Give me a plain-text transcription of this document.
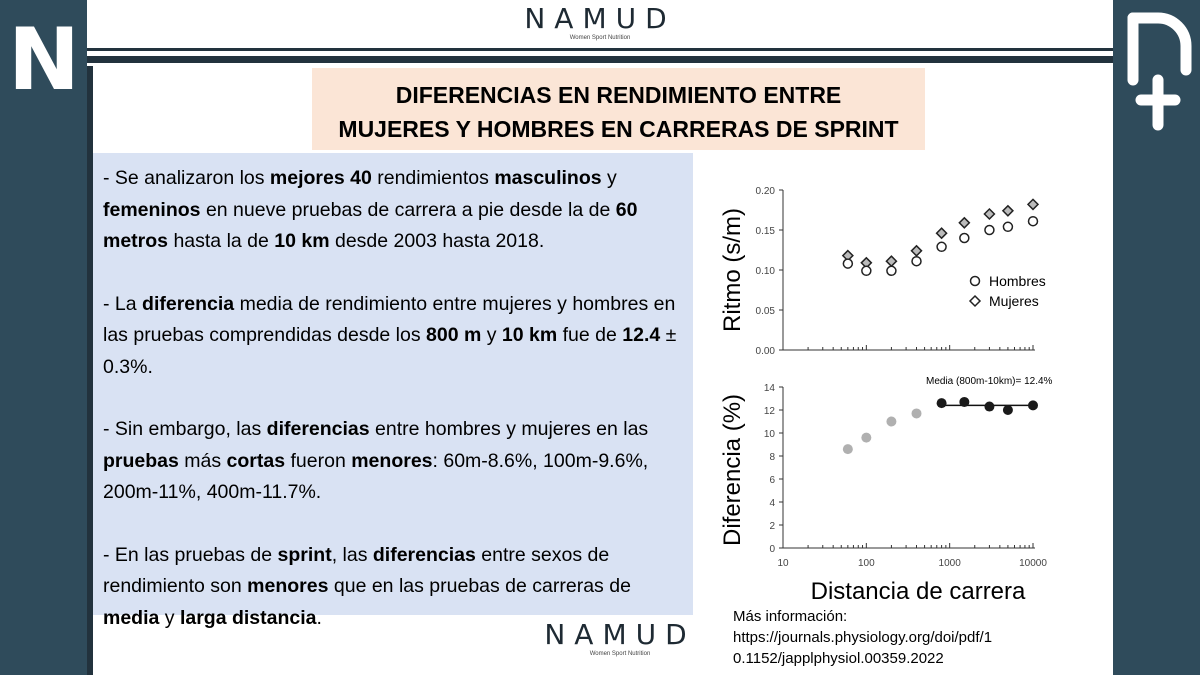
N	NAMUD
Women Sport Nutrition
DIFERENCIAS EN RENDIMIENTO ENTRE
MUJERES Y HOMBRES EN CARRERAS DE SPRINT

- Se analizaron los mejores 40 rendimientos masculinos y femeninos en nueve pruebas de carrera a pie desde la de 60 metros hasta la de 10 km desde 2003 hasta 2018.

- La diferencia media de rendimiento entre mujeres y hombres en las pruebas comprendidas desde los 800 m y 10 km fue de 12.4 ± 0.3%.

- Sin embargo, las diferencias entre hombres y mujeres en las pruebas más cortas fueron menores: 60m-8.6%, 100m-9.6%, 200m-11%, 400m-11.7%.

- En las pruebas de sprint, las diferencias entre sexos de rendimiento son menores que en las pruebas de carreras de media y larga distancia.

0.00
0.05
0.10
0.15
0.20
Ritmo (s/m)	Hombres
Mujeres
0
2
4
6
8
10
12
14
10	100	1000	10000
Diferencia (%)
Distancia de carrera
Media (800m-10km)= 12.4%
Más información:
https://journals.physiology.org/doi/pdf/10.1152/japplphysiol.00359.2022
NAMUD
Women Sport Nutrition
